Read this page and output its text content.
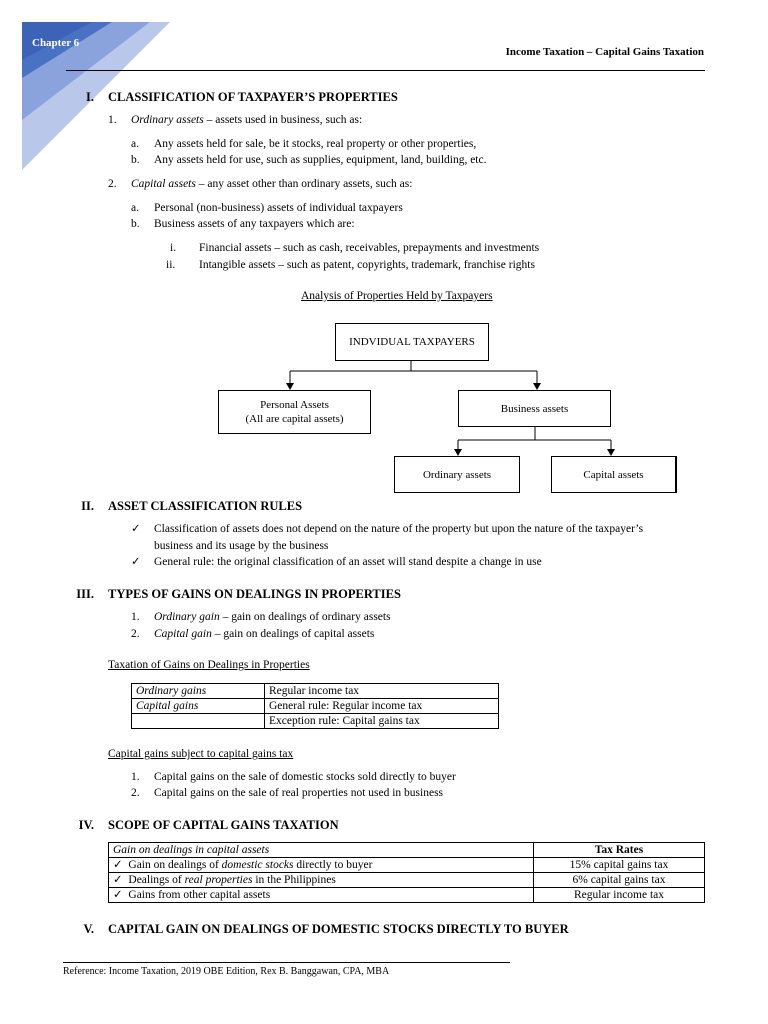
Chapter 6
Income Taxation – Capital Gains Taxation
I. CLASSIFICATION OF TAXPAYER’S PROPERTIES
1. Ordinary assets – assets used in business, such as:
a. Any assets held for sale, be it stocks, real property or other properties,
b. Any assets held for use, such as supplies, equipment, land, building, etc.
2. Capital assets – any asset other than ordinary assets, such as:
a. Personal (non-business) assets of individual taxpayers
b. Business assets of any taxpayers which are:
i. Financial assets – such as cash, receivables, prepayments and investments
ii. Intangible assets – such as patent, copyrights, trademark, franchise rights
Analysis of Properties Held by Taxpayers
INDVIDUAL TAXPAYERS
Personal Assets
(All are capital assets)
Business assets
Ordinary assets	Capital assets
II. ASSET CLASSIFICATION RULES
✓ Classification of assets does not depend on the nature of the property but upon the nature of the taxpayer’s
business and its usage by the business
✓ General rule: the original classification of an asset will stand despite a change in use
III. TYPES OF GAINS ON DEALINGS IN PROPERTIES
1. Ordinary gain – gain on dealings of ordinary assets
2. Capital gain – gain on dealings of capital assets
Taxation of Gains on Dealings in Properties
Ordinary gains	Regular income tax
Capital gains	General rule: Regular income tax
	Exception rule: Capital gains tax
Capital gains subject to capital gains tax
1. Capital gains on the sale of domestic stocks sold directly to buyer
2. Capital gains on the sale of real properties not used in business
IV. SCOPE OF CAPITAL GAINS TAXATION
Gain on dealings in capital assets	Tax Rates
✓ Gain on dealings of domestic stocks directly to buyer	15% capital gains tax
✓ Dealings of real properties in the Philippines	6% capital gains tax
✓ Gains from other capital assets	Regular income tax
V. CAPITAL GAIN ON DEALINGS OF DOMESTIC STOCKS DIRECTLY TO BUYER
Reference: Income Taxation, 2019 OBE Edition, Rex B. Banggawan, CPA, MBA
